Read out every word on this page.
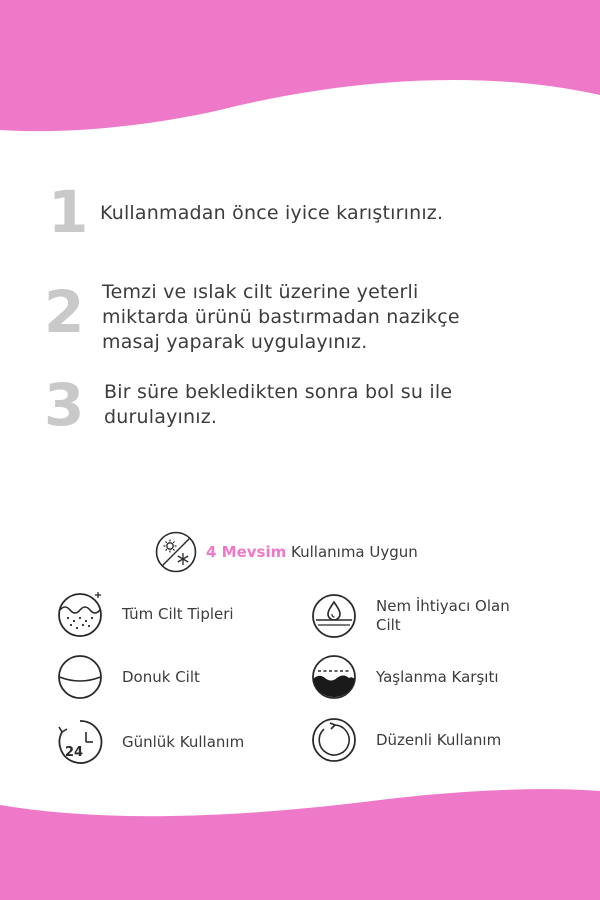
1 Kullanmadan önce iyice karıştırınız.
2 Temzi ve ıslak cilt üzerine yeterli
miktarda ürünü bastırmadan nazikçe
masaj yaparak uygulayınız.
3 Bir süre bekledikten sonra bol su ile
durulayınız.
4 Mevsim Kullanıma Uygun
Tüm Cilt Tipleri	Nem İhtiyacı Olan
Cilt
Donuk Cilt	Yaşlanma Karşıtı
24
Günlük Kullanım	Düzenli Kullanım
